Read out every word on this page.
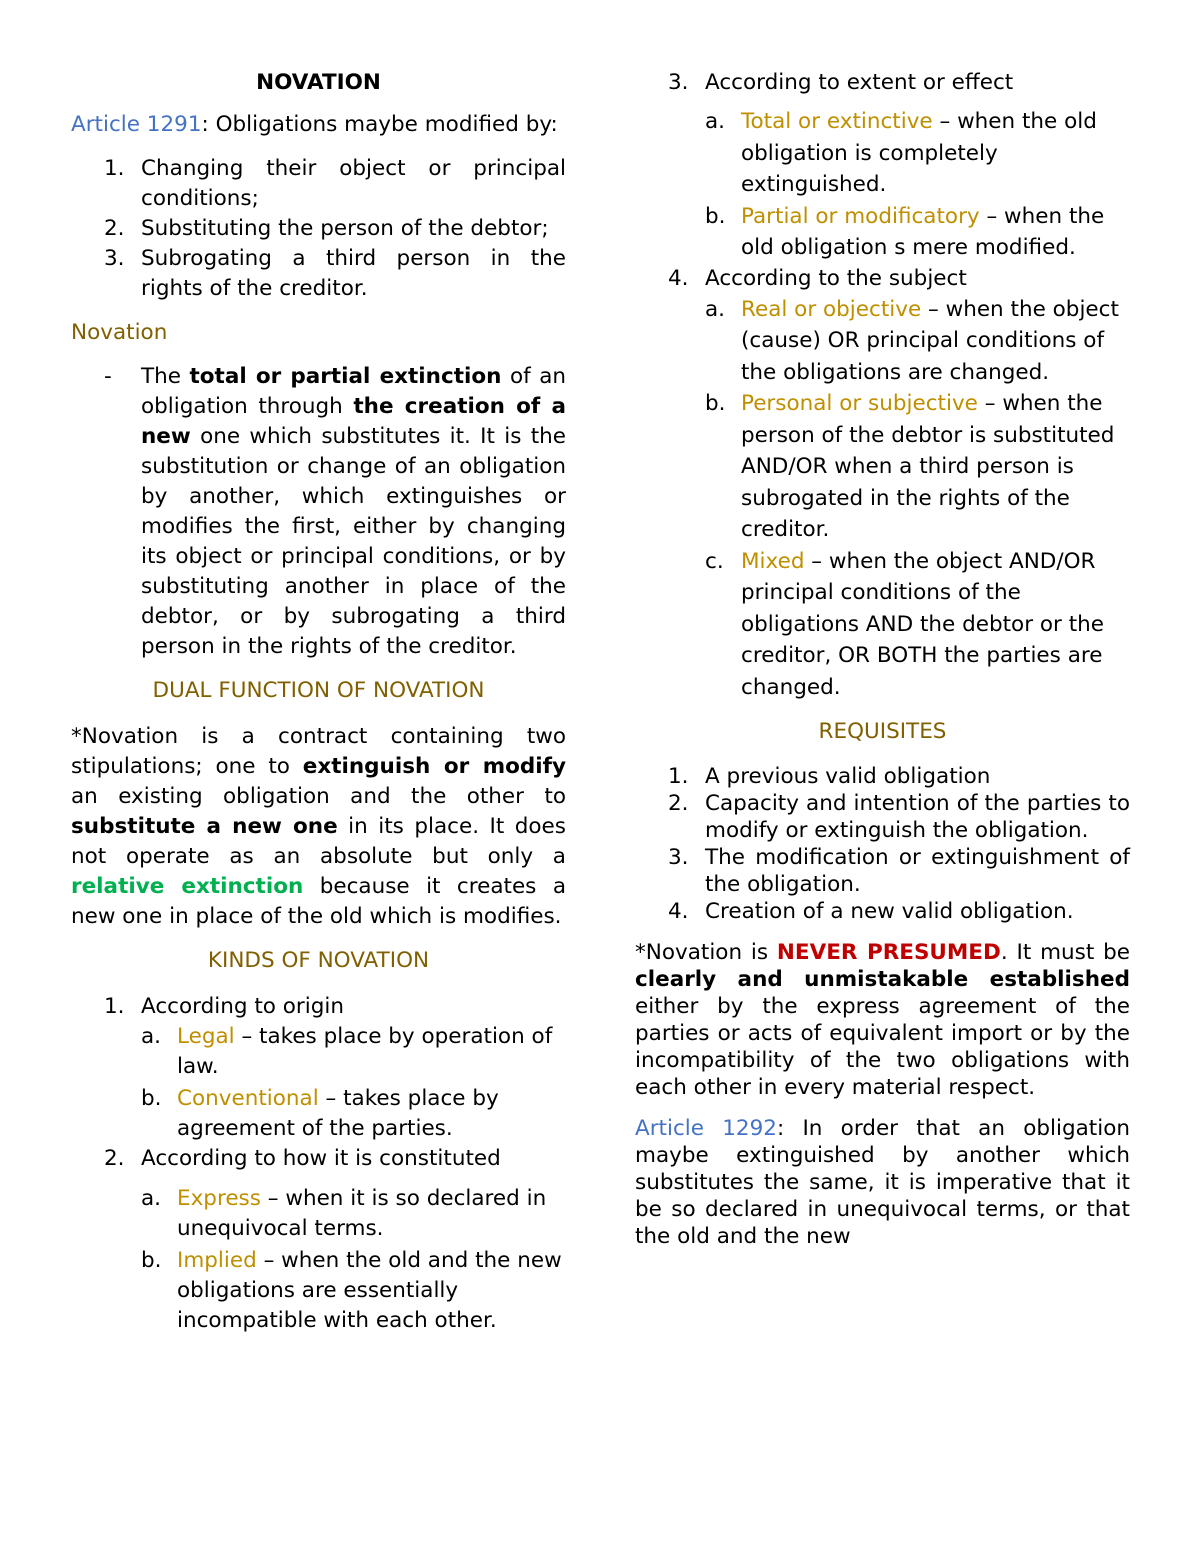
NOVATION

Article 1291: Obligations maybe modified by:

1. Changing their object or principal conditions;
2. Substituting the person of the debtor;
3. Subrogating a third person in the rights of the creditor.

Novation

- The total or partial extinction of an obligation through the creation of a new one which substitutes it. It is the substitution or change of an obligation by another, which extinguishes or modifies the first, either by changing its object or principal conditions, or by substituting another in place of the debtor, or by subrogating a third person in the rights of the creditor.

DUAL FUNCTION OF NOVATION

*Novation is a contract containing two stipulations; one to extinguish or modify an existing obligation and the other to substitute a new one in its place. It does not operate as an absolute but only a relative extinction because it creates a new one in place of the old which is modifies.

KINDS OF NOVATION

1. According to origin
a. Legal – takes place by operation of law.
b. Conventional – takes place by agreement of the parties.
2. According to how it is constituted
a. Express – when it is so declared in unequivocal terms.
b. Implied – when the old and the new obligations are essentially incompatible with each other.
3. According to extent or effect
a. Total or extinctive – when the old obligation is completely extinguished.
b. Partial or modificatory – when the old obligation s mere modified.
4. According to the subject
a. Real or objective – when the object (cause) OR principal conditions of the obligations are changed.
b. Personal or subjective – when the person of the debtor is substituted AND/OR when a third person is subrogated in the rights of the creditor.
c. Mixed – when the object AND/OR principal conditions of the obligations AND the debtor or the creditor, OR BOTH the parties are changed.

REQUISITES

1. A previous valid obligation
2. Capacity and intention of the parties to modify or extinguish the obligation.
3. The modification or extinguishment of the obligation.
4. Creation of a new valid obligation.

*Novation is NEVER PRESUMED. It must be clearly and unmistakable established either by the express agreement of the parties or acts of equivalent import or by the incompatibility of the two obligations with each other in every material respect.

Article 1292: In order that an obligation maybe extinguished by another which substitutes the same, it is imperative that it be so declared in unequivocal terms, or that the old and the new
